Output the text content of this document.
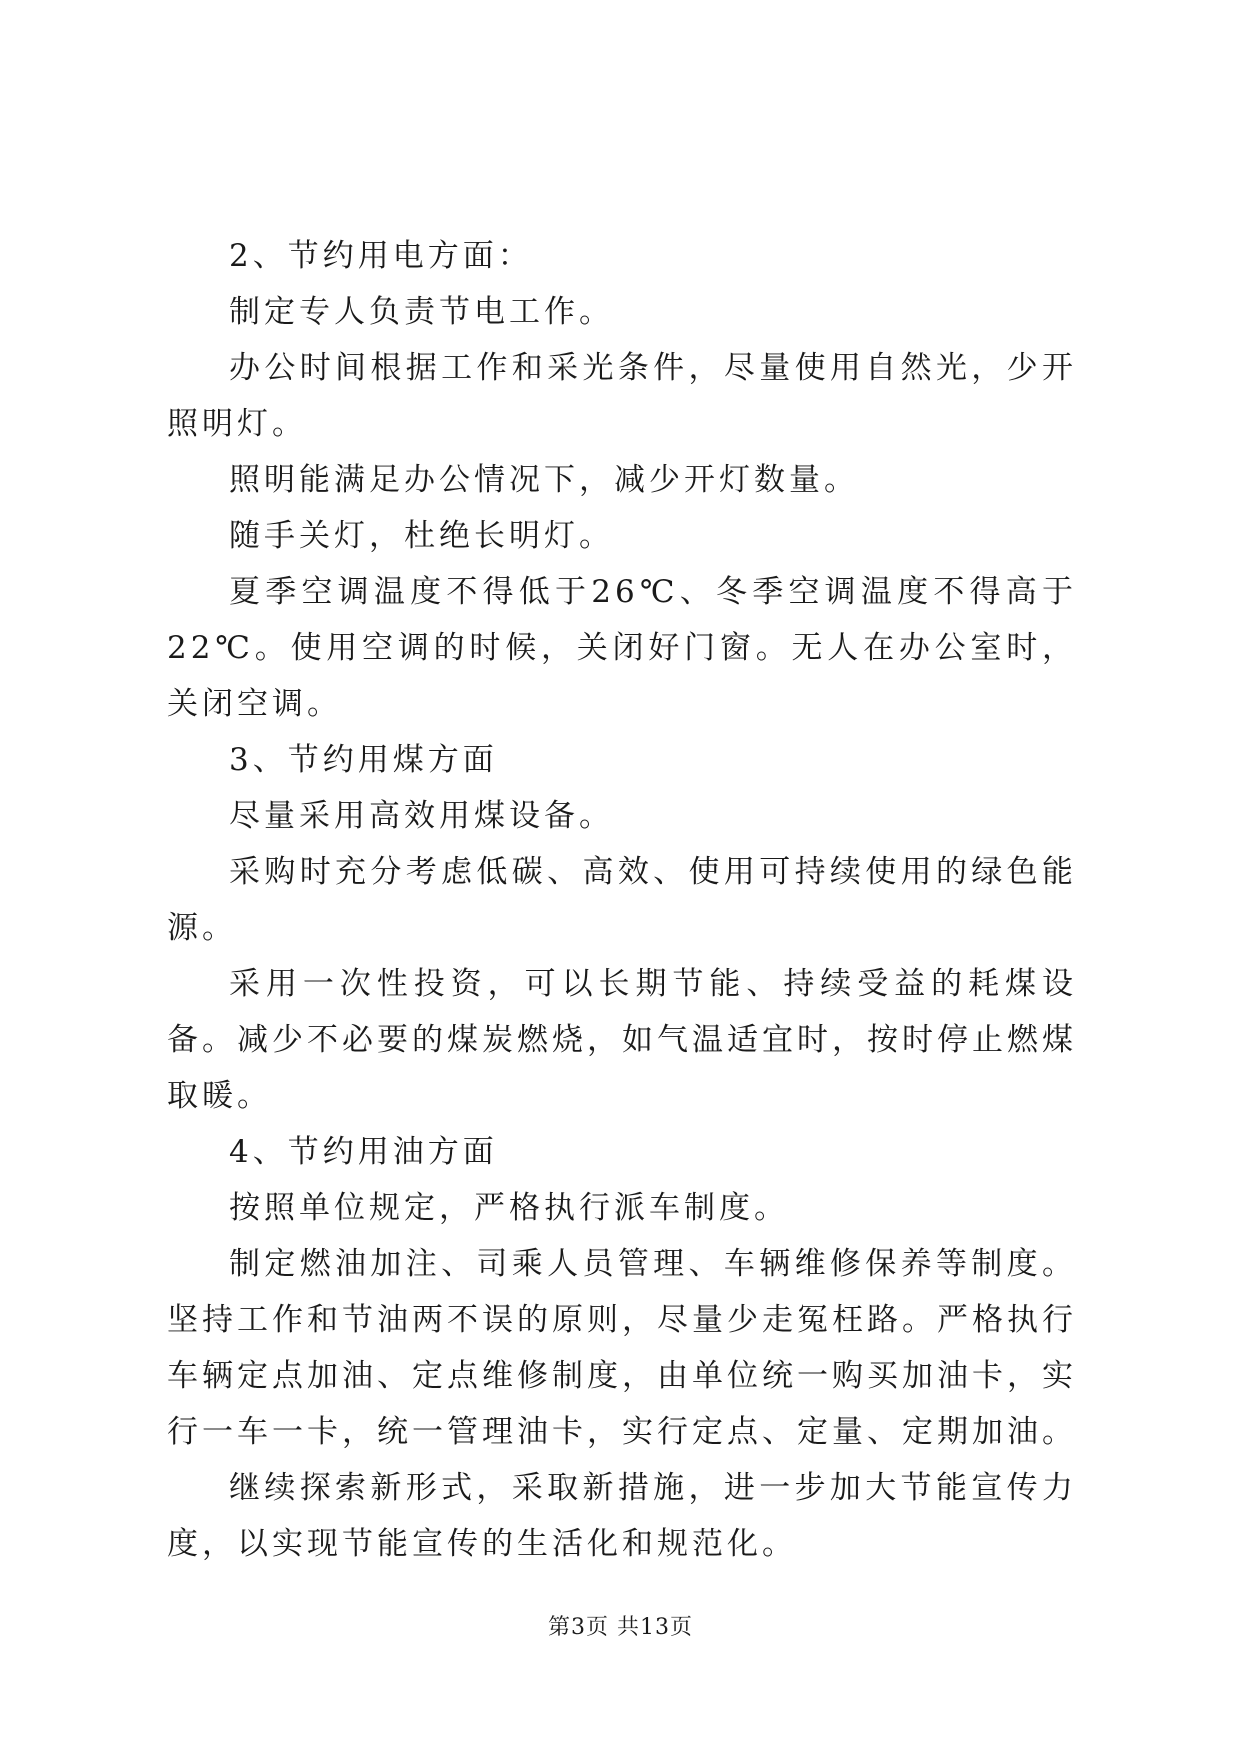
2、节约用电方面：

制定专人负责节电工作。

办公时间根据工作和采光条件，尽量使用自然光，少开照明灯。

照明能满足办公情况下，减少开灯数量。

随手关灯，杜绝长明灯。

夏季空调温度不得低于26℃、冬季空调温度不得高于22℃。使用空调的时候，关闭好门窗。无人在办公室时，关闭空调。

3、节约用煤方面

尽量采用高效用煤设备。

采购时充分考虑低碳、高效、使用可持续使用的绿色能源。

采用一次性投资，可以长期节能、持续受益的耗煤设备。减少不必要的煤炭燃烧，如气温适宜时，按时停止燃煤取暖。

4、节约用油方面

按照单位规定，严格执行派车制度。

制定燃油加注、司乘人员管理、车辆维修保养等制度。坚持工作和节油两不误的原则，尽量少走冤枉路。严格执行车辆定点加油、定点维修制度，由单位统一购买加油卡，实行一车一卡，统一管理油卡，实行定点、定量、定期加油。

继续探索新形式，采取新措施，进一步加大节能宣传力度，以实现节能宣传的生活化和规范化。

第3页 共13页
